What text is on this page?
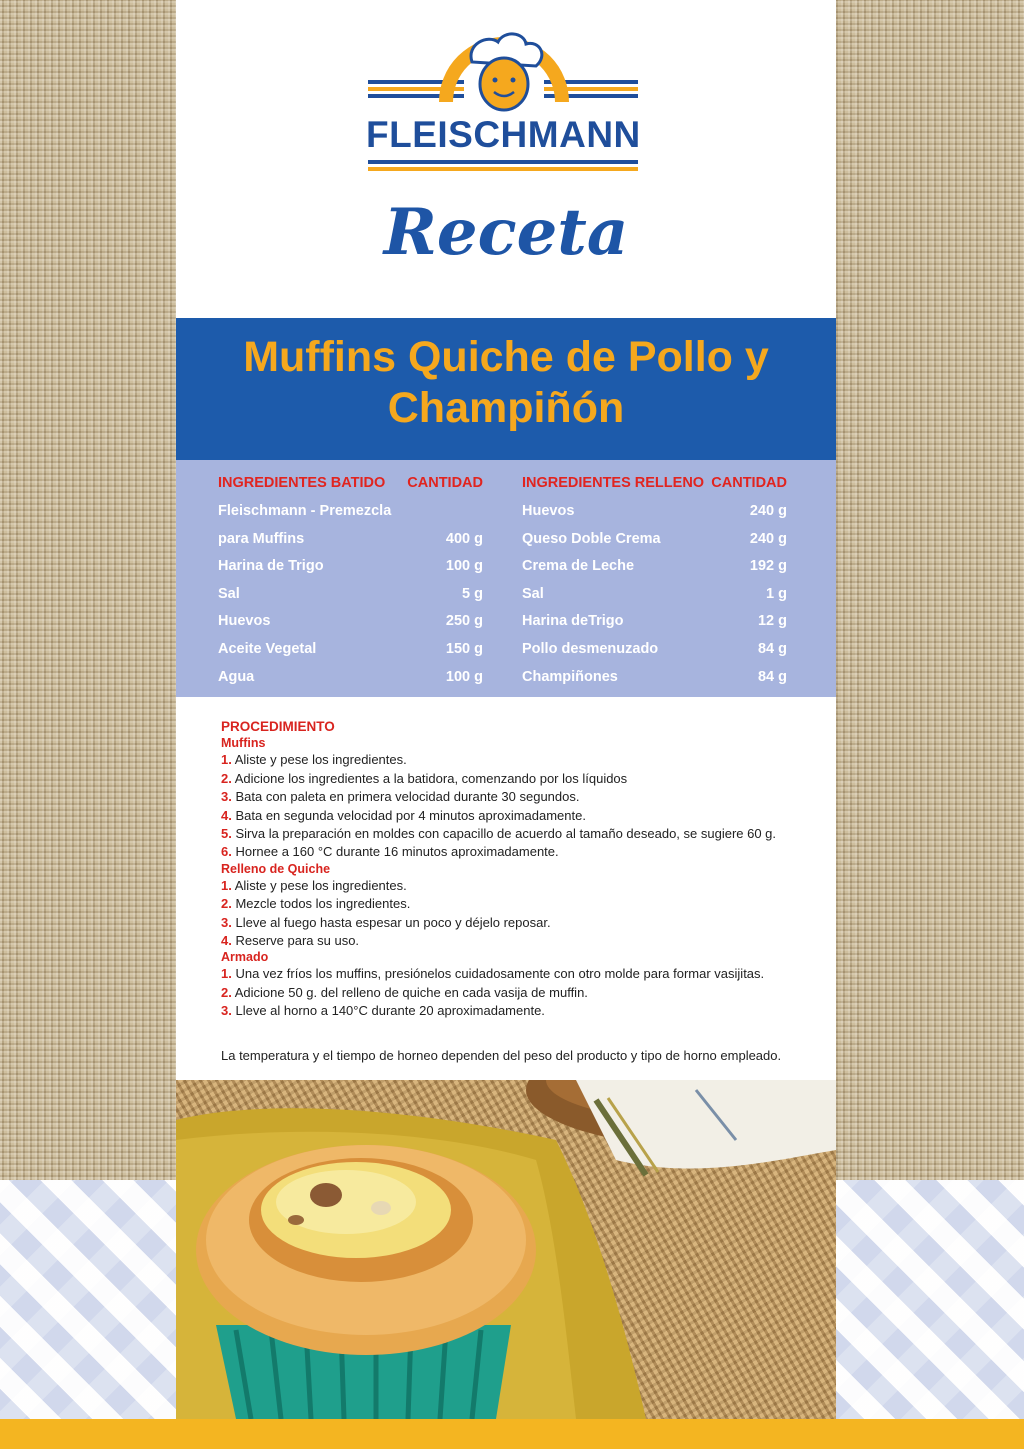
FLEISCHMANN
Receta
Muffins Quiche de Pollo y
Champiñón
INGREDIENTES BATIDO CANTIDAD
Fleischmann - Premezcla
para Muffins	400 g
Harina de Trigo	100 g
Sal	5 g
Huevos	250 g
Aceite Vegetal	150 g
Agua	100 g
INGREDIENTES RELLENO CANTIDAD
Huevos	240 g
Queso Doble Crema	240 g
Crema de Leche	192 g
Sal	1 g
Harina deTrigo	12 g
Pollo desmenuzado	84 g
Champiñones	84 g
PROCEDIMIENTO
Muffins
1. Aliste y pese los ingredientes.
2. Adicione los ingredientes a la batidora, comenzando por los líquidos
3. Bata con paleta en primera velocidad durante 30 segundos.
4. Bata en segunda velocidad por 4 minutos aproximadamente.
5. Sirva la preparación en moldes con capacillo de acuerdo al tamaño deseado, se sugiere 60 g.
6. Hornee a 160 °C durante 16 minutos aproximadamente.
Relleno de Quiche
1. Aliste y pese los ingredientes.
2. Mezcle todos los ingredientes.
3. Lleve al fuego hasta espesar un poco y déjelo reposar.
4. Reserve para su uso.
Armado
1. Una vez fríos los muffins, presiónelos cuidadosamente con otro molde para formar vasijitas.
2. Adicione 50 g. del relleno de quiche en cada vasija de muffin.
3. Lleve al horno a 140°C durante 20 aproximadamente.
La temperatura y el tiempo de horneo dependen del peso del producto y tipo de horno empleado.
